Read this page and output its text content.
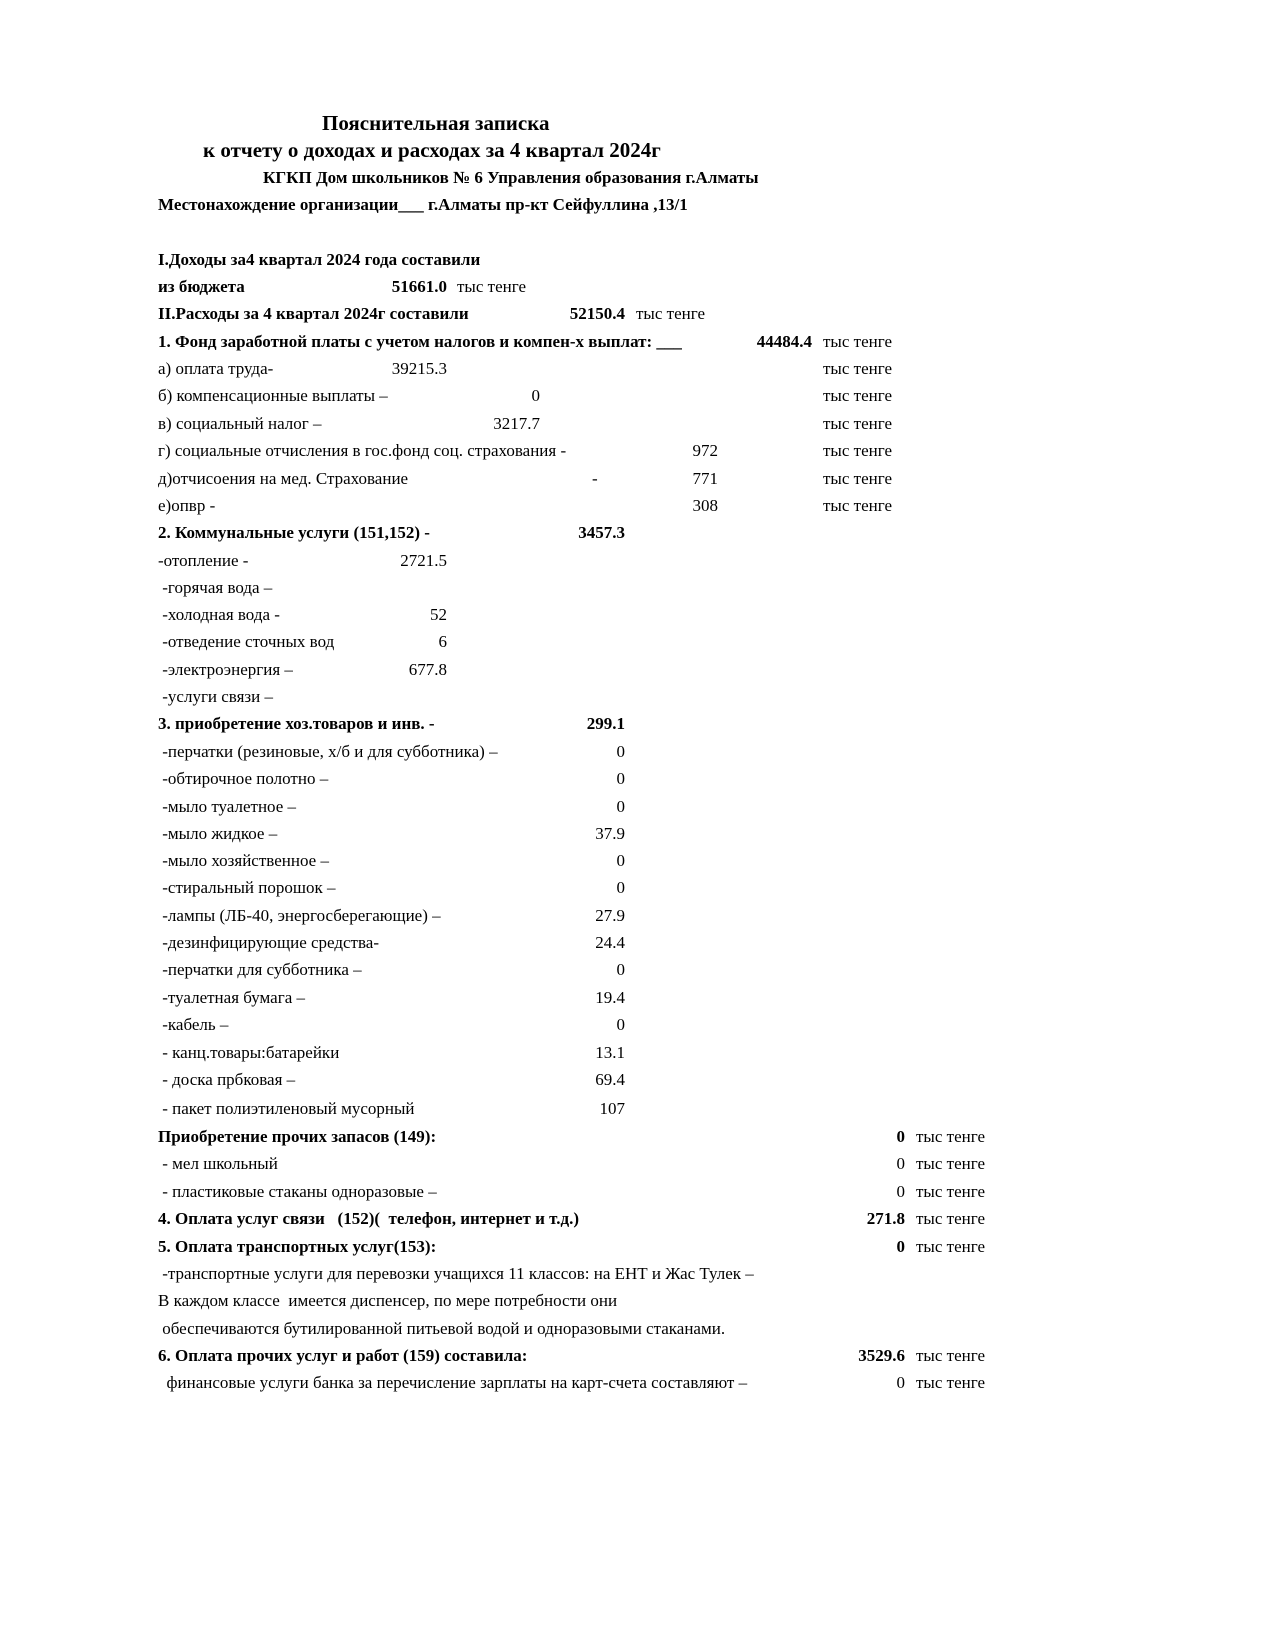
Пояснительная записка
к отчету о доходах и расходах за 4 квартал 2024г
КГКП Дом школьников № 6 Управления образования г.Алматы
Местонахождение организации___ г.Алматы пр-кт Сейфуллина ,13/1
I.Доходы за4 квартал 2024 года составили
из бюджета	51661.0 тыс тенге
II.Расходы за 4 квартал 2024г составили	52150.4 тыс тенге
1. Фонд заработной платы с учетом налогов и компен-х выплат: ___	44484.4 тыс тенге
а) оплата труда-	39215.3	тыс тенге
б) компенсационные выплаты –	0	тыс тенге
в) социальный налог –	3217.7	тыс тенге
г) социальные отчисления в гос.фонд соц. страхования -	972	тыс тенге
д)отчисоения на мед. Страхование	-	771	тыс тенге
е)опвр -	308	тыс тенге
2. Коммунальные услуги (151,152) -	3457.3
-отопление -	2721.5
-горячая вода –
-холодная вода -	52
-отведение сточных вод	6
-электроэнергия –	677.8
-услуги связи –
3. приобретение хоз.товаров и инв. -	299.1
-перчатки (резиновые, х/б и для субботника) –	0
-обтирочное полотно –	0
-мыло туалетное –	0
-мыло жидкое –	37.9
-мыло хозяйственное –	0
-стиральный порошок –	0
-лампы (ЛБ-40, энергосберегающие) –	27.9
-дезинфицирующие средства-	24.4
-перчатки для субботника –	0
-туалетная бумага –	19.4
-кабель –	0
- канц.товары:батарейки	13.1
- доска прбковая –	69.4
- пакет полиэтиленовый мусорный	107
Приобретение прочих запасов (149):	0 тыс тенге
- мел школьный	0 тыс тенге
- пластиковые стаканы одноразовые –	0 тыс тенге
4. Оплата услуг связи   (152)(  телефон, интернет и т.д.)	271.8 тыс тенге
5. Оплата транспортных услуг(153):	0 тыс тенге
-транспортные услуги для перевозки учащихся 11 классов: на ЕНТ и Жас Тулек –
В каждом классе  имеется диспенсер, по мере потребности они
обеспечиваются бутилированной питьевой водой и одноразовыми стаканами.
6. Оплата прочих услуг и работ (159) составила:	3529.6 тыс тенге
финансовые услуги банка за перечисление зарплаты на карт-счета составляют –	0 тыс тенге
